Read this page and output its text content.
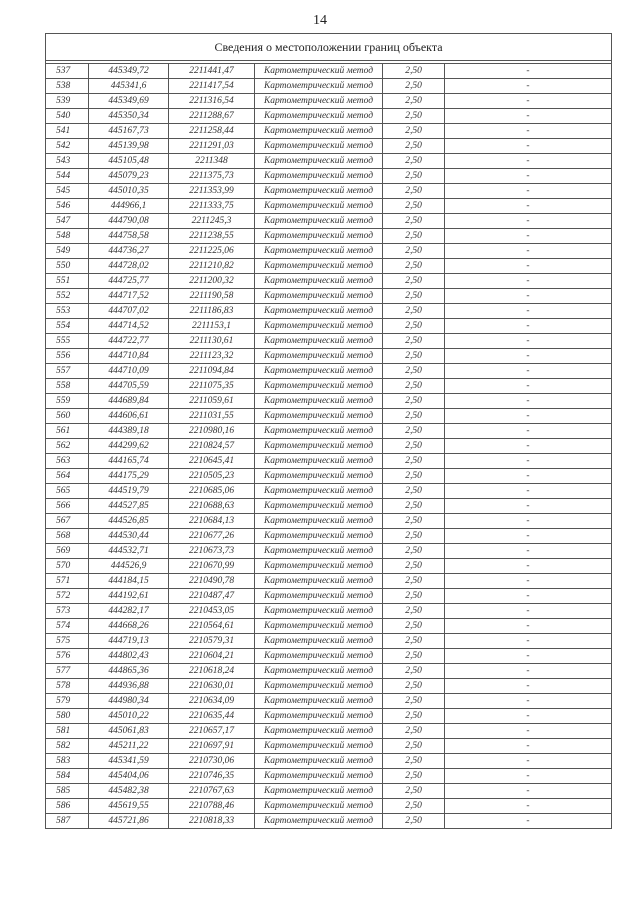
14
Сведения о местоположении границ объекта					

537	445349,72	2211441,47	Картометрический метод	2,50	-
538	445341,6	2211417,54	Картометрический метод	2,50	-
539	445349,69	2211316,54	Картометрический метод	2,50	-
540	445350,34	2211288,67	Картометрический метод	2,50	-
541	445167,73	2211258,44	Картометрический метод	2,50	-
542	445139,98	2211291,03	Картометрический метод	2,50	-
543	445105,48	2211348	Картометрический метод	2,50	-
544	445079,23	2211375,73	Картометрический метод	2,50	-
545	445010,35	2211353,99	Картометрический метод	2,50	-
546	444966,1	2211333,75	Картометрический метод	2,50	-
547	444790,08	2211245,3	Картометрический метод	2,50	-
548	444758,58	2211238,55	Картометрический метод	2,50	-
549	444736,27	2211225,06	Картометрический метод	2,50	-
550	444728,02	2211210,82	Картометрический метод	2,50	-
551	444725,77	2211200,32	Картометрический метод	2,50	-
552	444717,52	2211190,58	Картометрический метод	2,50	-
553	444707,02	2211186,83	Картометрический метод	2,50	-
554	444714,52	2211153,1	Картометрический метод	2,50	-
555	444722,77	2211130,61	Картометрический метод	2,50	-
556	444710,84	2211123,32	Картометрический метод	2,50	-
557	444710,09	2211094,84	Картометрический метод	2,50	-
558	444705,59	2211075,35	Картометрический метод	2,50	-
559	444689,84	2211059,61	Картометрический метод	2,50	-
560	444606,61	2211031,55	Картометрический метод	2,50	-
561	444389,18	2210980,16	Картометрический метод	2,50	-
562	444299,62	2210824,57	Картометрический метод	2,50	-
563	444165,74	2210645,41	Картометрический метод	2,50	-
564	444175,29	2210505,23	Картометрический метод	2,50	-
565	444519,79	2210685,06	Картометрический метод	2,50	-
566	444527,85	2210688,63	Картометрический метод	2,50	-
567	444526,85	2210684,13	Картометрический метод	2,50	-
568	444530,44	2210677,26	Картометрический метод	2,50	-
569	444532,71	2210673,73	Картометрический метод	2,50	-
570	444526,9	2210670,99	Картометрический метод	2,50	-
571	444184,15	2210490,78	Картометрический метод	2,50	-
572	444192,61	2210487,47	Картометрический метод	2,50	-
573	444282,17	2210453,05	Картометрический метод	2,50	-
574	444668,26	2210564,61	Картометрический метод	2,50	-
575	444719,13	2210579,31	Картометрический метод	2,50	-
576	444802,43	2210604,21	Картометрический метод	2,50	-
577	444865,36	2210618,24	Картометрический метод	2,50	-
578	444936,88	2210630,01	Картометрический метод	2,50	-
579	444980,34	2210634,09	Картометрический метод	2,50	-
580	445010,22	2210635,44	Картометрический метод	2,50	-
581	445061,83	2210657,17	Картометрический метод	2,50	-
582	445211,22	2210697,91	Картометрический метод	2,50	-
583	445341,59	2210730,06	Картометрический метод	2,50	-
584	445404,06	2210746,35	Картометрический метод	2,50	-
585	445482,38	2210767,63	Картометрический метод	2,50	-
586	445619,55	2210788,46	Картометрический метод	2,50	-
587	445721,86	2210818,33	Картометрический метод	2,50	-
